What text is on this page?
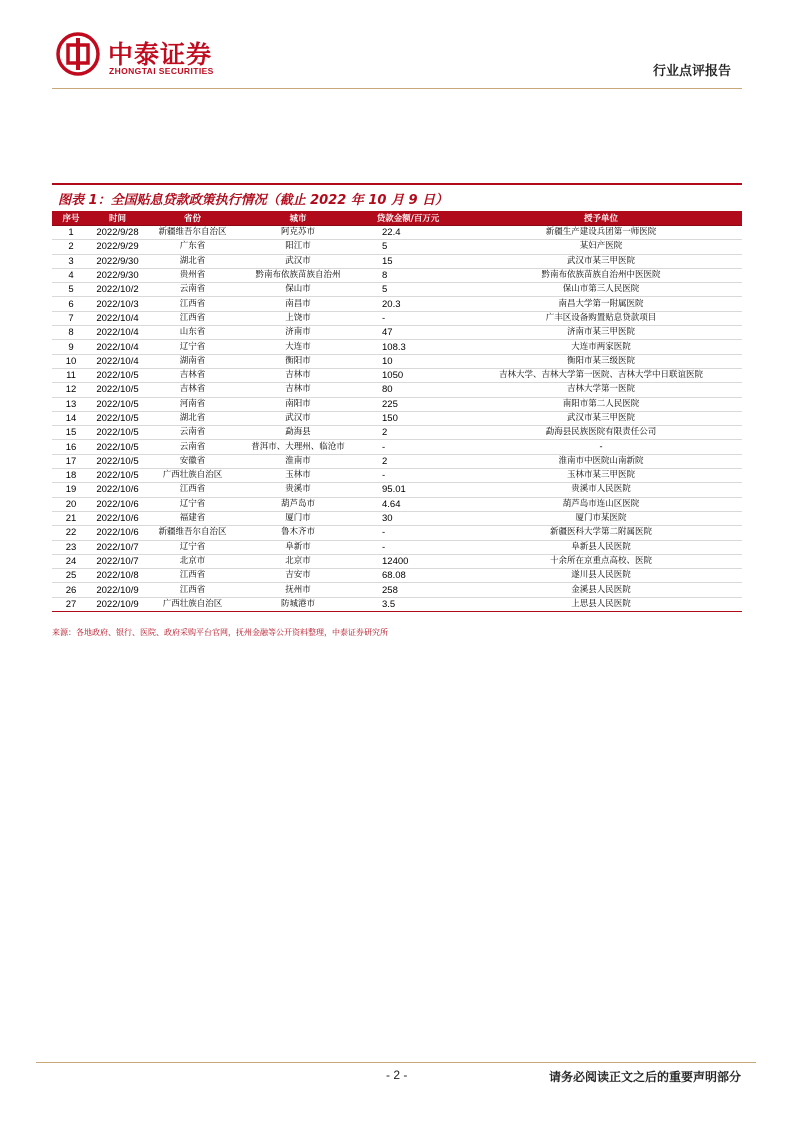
中泰证券
ZHONGTAI SECURITIES	行业点评报告
图表 1：全国贴息贷款政策执行情况（截止 2022 年 10 月 9 日）
序号	时间	省份	城市	贷款金额/百万元	授予单位
1	2022/9/28	新疆维吾尔自治区	阿克苏市	22.4	新疆生产建设兵团第一师医院
2	2022/9/29	广东省	阳江市	5	某妇产医院
3	2022/9/30	湖北省	武汉市	15	武汉市某三甲医院
4	2022/9/30	贵州省	黔南布依族苗族自治州	8	黔南布依族苗族自治州中医医院
5	2022/10/2	云南省	保山市	5	保山市第三人民医院
6	2022/10/3	江西省	南昌市	20.3	南昌大学第一附属医院
7	2022/10/4	江西省	上饶市	-	广丰区设备购置贴息贷款项目
8	2022/10/4	山东省	济南市	47	济南市某三甲医院
9	2022/10/4	辽宁省	大连市	108.3	大连市两家医院
10	2022/10/4	湖南省	衡阳市	10	衡阳市某三级医院
11	2022/10/5	吉林省	吉林市	1050	吉林大学、吉林大学第一医院、吉林大学中日联谊医院
12	2022/10/5	吉林省	吉林市	80	吉林大学第一医院
13	2022/10/5	河南省	南阳市	225	南阳市第二人民医院
14	2022/10/5	湖北省	武汉市	150	武汉市某三甲医院
15	2022/10/5	云南省	勐海县	2	勐海县民族医院有限责任公司
16	2022/10/5	云南省	普洱市、大理州、临沧市	-	-
17	2022/10/5	安徽省	淮南市	2	淮南市中医院山南新院
18	2022/10/5	广西壮族自治区	玉林市	-	玉林市某三甲医院
19	2022/10/6	江西省	贵溪市	95.01	贵溪市人民医院
20	2022/10/6	辽宁省	葫芦岛市	4.64	葫芦岛市连山区医院
21	2022/10/6	福建省	厦门市	30	厦门市某医院
22	2022/10/6	新疆维吾尔自治区	鲁木齐市	-	新疆医科大学第二附属医院
23	2022/10/7	辽宁省	阜新市	-	阜新县人民医院
24	2022/10/7	北京市	北京市	12400	十余所在京重点高校、医院
25	2022/10/8	江西省	吉安市	68.08	遂川县人民医院
26	2022/10/9	江西省	抚州市	258	金溪县人民医院
27	2022/10/9	广西壮族自治区	防城港市	3.5	上思县人民医院
来源：各地政府、银行、医院、政府采购平台官网，抚州金融等公开资料整理，中泰证券研究所
- 2 -	请务必阅读正文之后的重要声明部分
